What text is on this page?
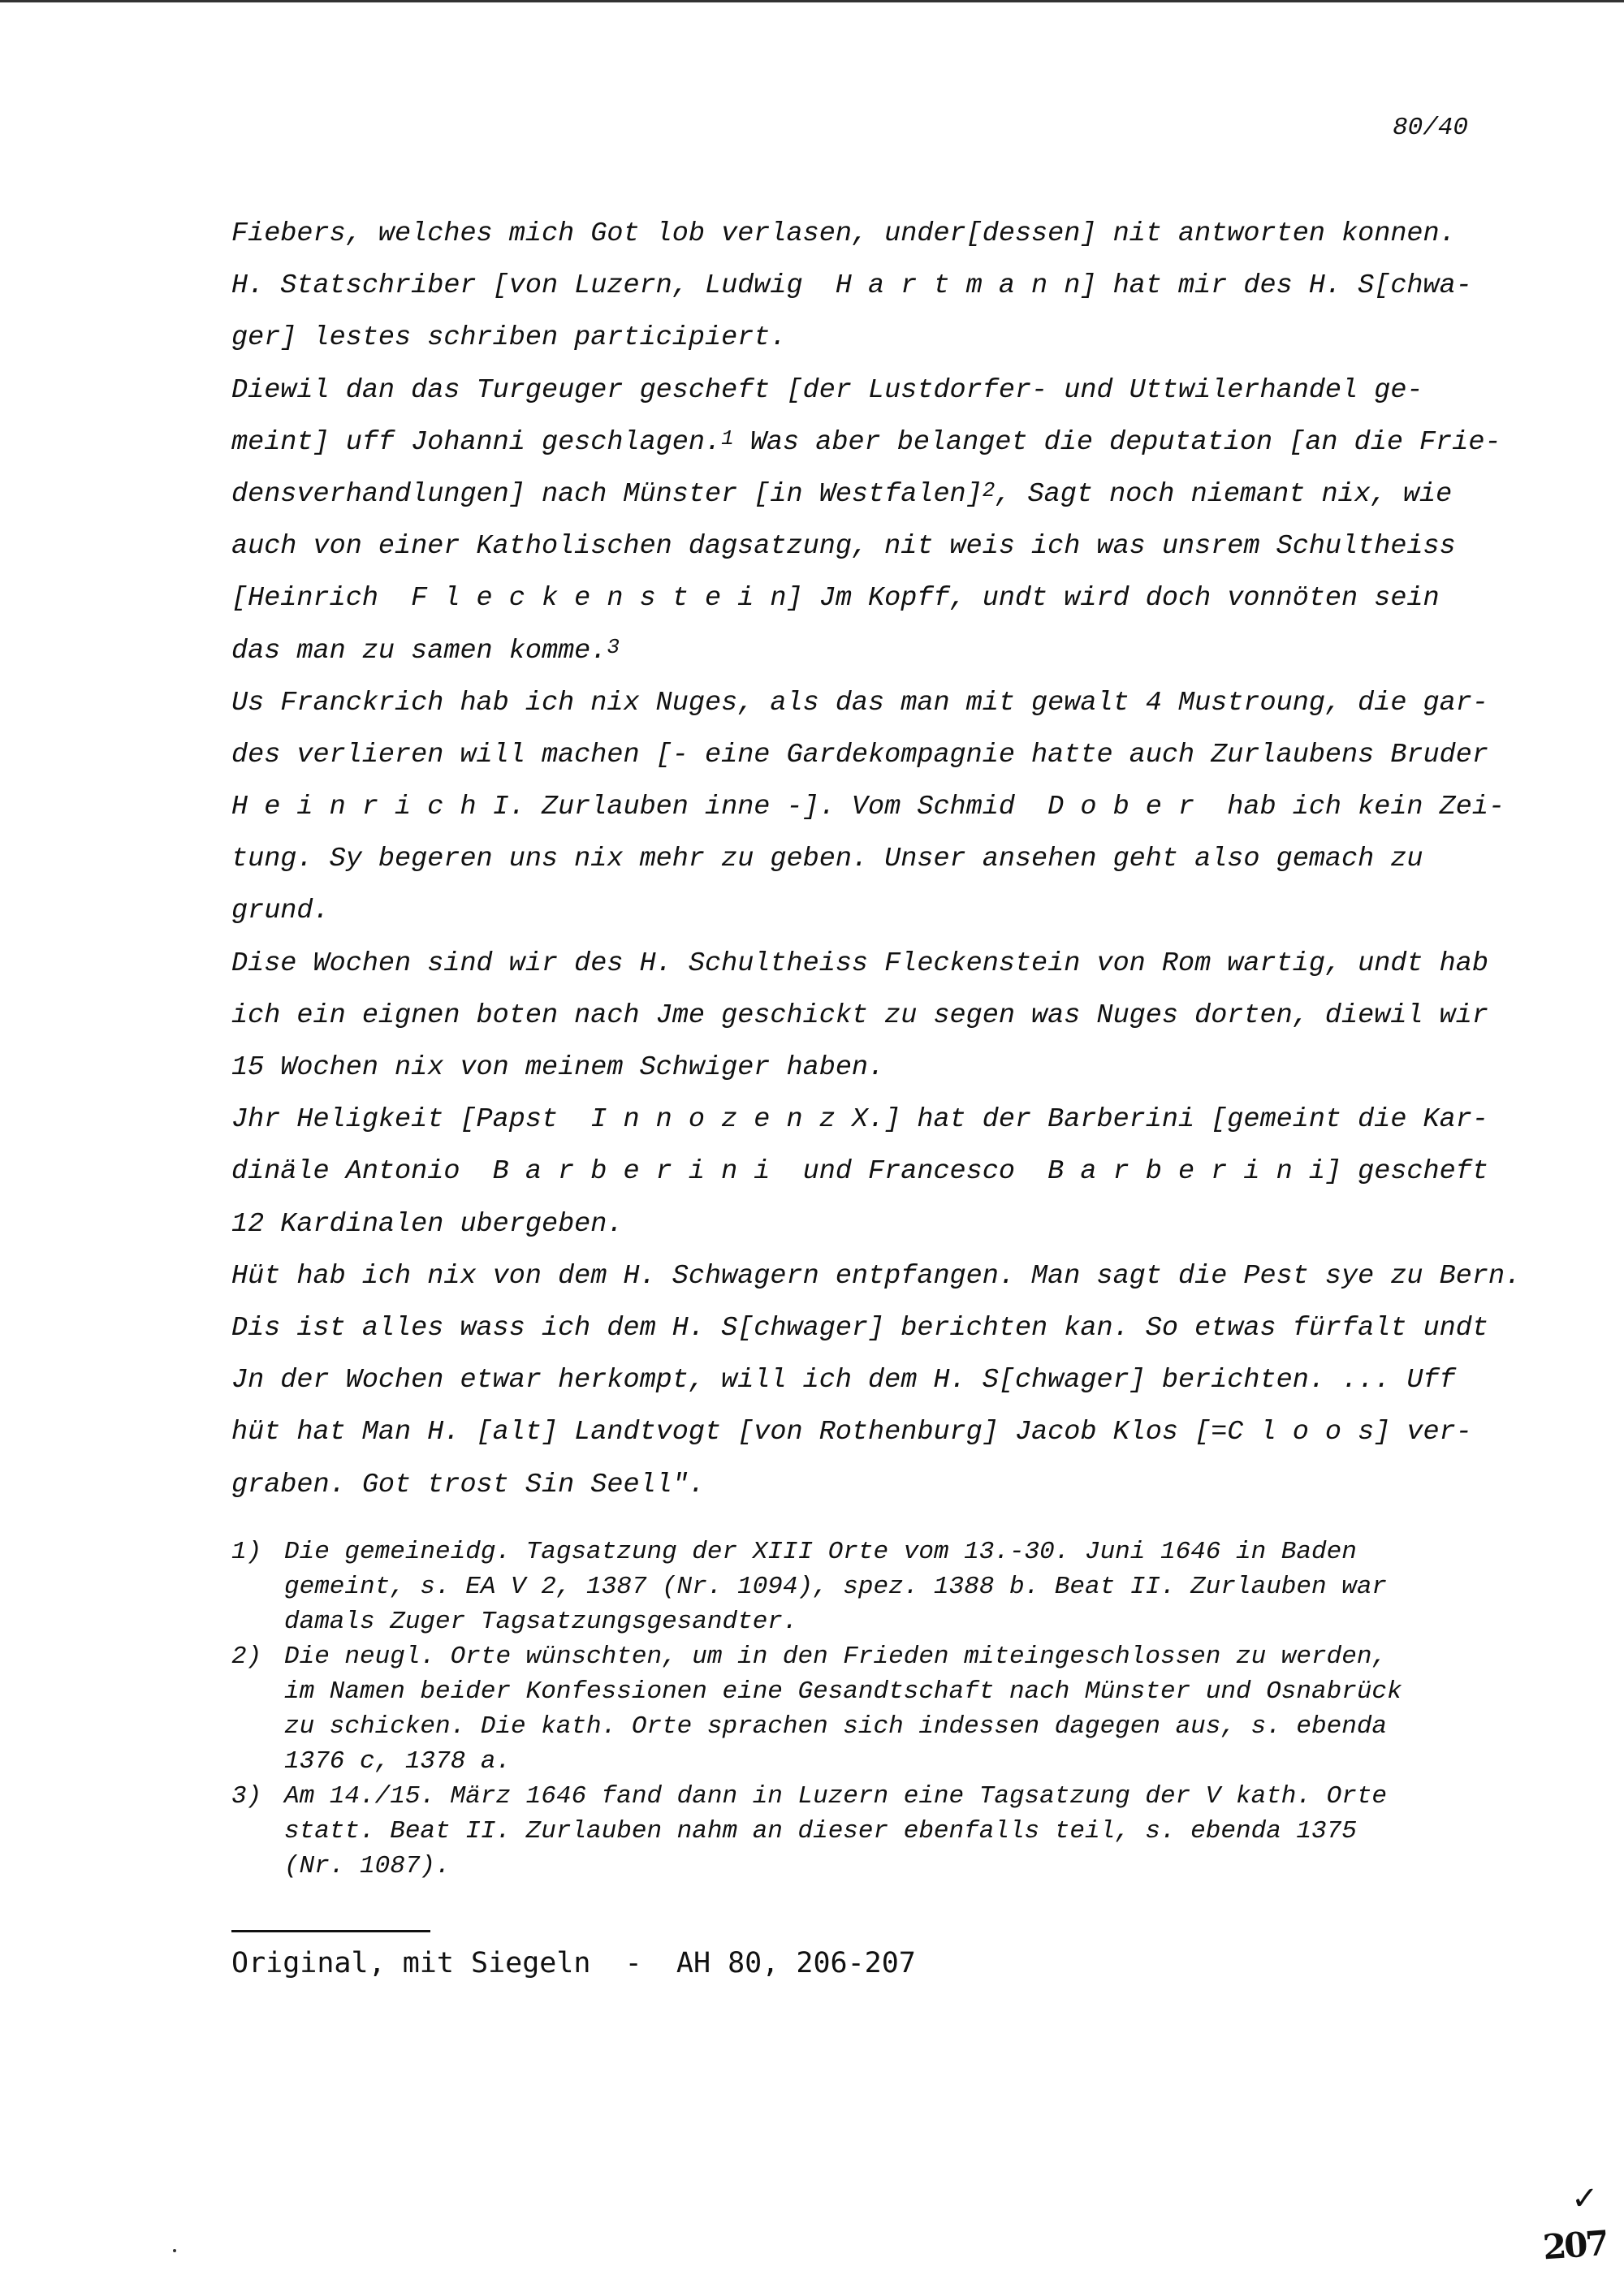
80/40
Fiebers, welches mich Got lob verlasen, under[dessen] nit antworten konnen.
H. Statschriber [von Luzern, Ludwig  H a r t m a n n] hat mir des H. S[chwa-
ger] lestes schriben participiert.
Diewil dan das Turgeuger gescheft [der Lustdorfer- und Uttwilerhandel ge-
meint] uff Johanni geschlagen.$^1$ Was aber belanget die deputation [an die Frie-
densverhandlungen] nach Münster [in Westfalen]$^2$, Sagt noch niemant nix, wie
auch von einer Katholischen dagsatzung, nit weis ich was unsrem Schultheiss
[Heinrich  F l e c k e n s t e i n] Jm Kopff, undt wird doch vonnöten sein
das man zu samen komme.$^3$
Us Franckrich hab ich nix Nuges, als das man mit gewalt 4 Mustroung, die gar-
des verlieren will machen [- eine Gardekompagnie hatte auch Zurlaubens Bruder
H e i n r i c h I. Zurlauben inne -]. Vom Schmid  D o b e r  hab ich kein Zei-
tung. Sy begeren uns nix mehr zu geben. Unser ansehen geht also gemach zu
grund.
Dise Wochen sind wir des H. Schultheiss Fleckenstein von Rom wartig, undt hab
ich ein eignen boten nach Jme geschickt zu segen was Nuges dorten, diewil wir
15 Wochen nix von meinem Schwiger haben.
Jhr Heligkeit [Papst  I n n o z e n z X.] hat der Barberini [gemeint die Kar-
dinäle Antonio  B a r b e r i n i  und Francesco  B a r b e r i n i] gescheft
12 Kardinalen ubergeben.
Hüt hab ich nix von dem H. Schwagern entpfangen. Man sagt die Pest sye zu Bern.
Dis ist alles wass ich dem H. S[chwager] berichten kan. So etwas fürfalt undt
Jn der Wochen etwar herkompt, will ich dem H. S[chwager] berichten. ... Uff
hüt hat Man H. [alt] Landtvogt [von Rothenburg] Jacob Klos [=C l o o s] ver-
graben. Got trost Sin Seell".
1) Die gemeineidg. Tagsatzung der XIII Orte vom 13.-30. Juni 1646 in Baden
gemeint, s. EA V 2, 1387 (Nr. 1094), spez. 1388 b. Beat II. Zurlauben war
damals Zuger Tagsatzungsgesandter.
2) Die neugl. Orte wünschten, um in den Frieden miteingeschlossen zu werden,
im Namen beider Konfessionen eine Gesandtschaft nach Münster und Osnabrück
zu schicken. Die kath. Orte sprachen sich indessen dagegen aus, s. ebenda
1376 c, 1378 a.
3) Am 14./15. März 1646 fand dann in Luzern eine Tagsatzung der V kath. Orte
statt. Beat II. Zurlauben nahm an dieser ebenfalls teil, s. ebenda 1375
(Nr. 1087).
Original, mit Siegeln  -  AH 80, 206-207
✓
207
